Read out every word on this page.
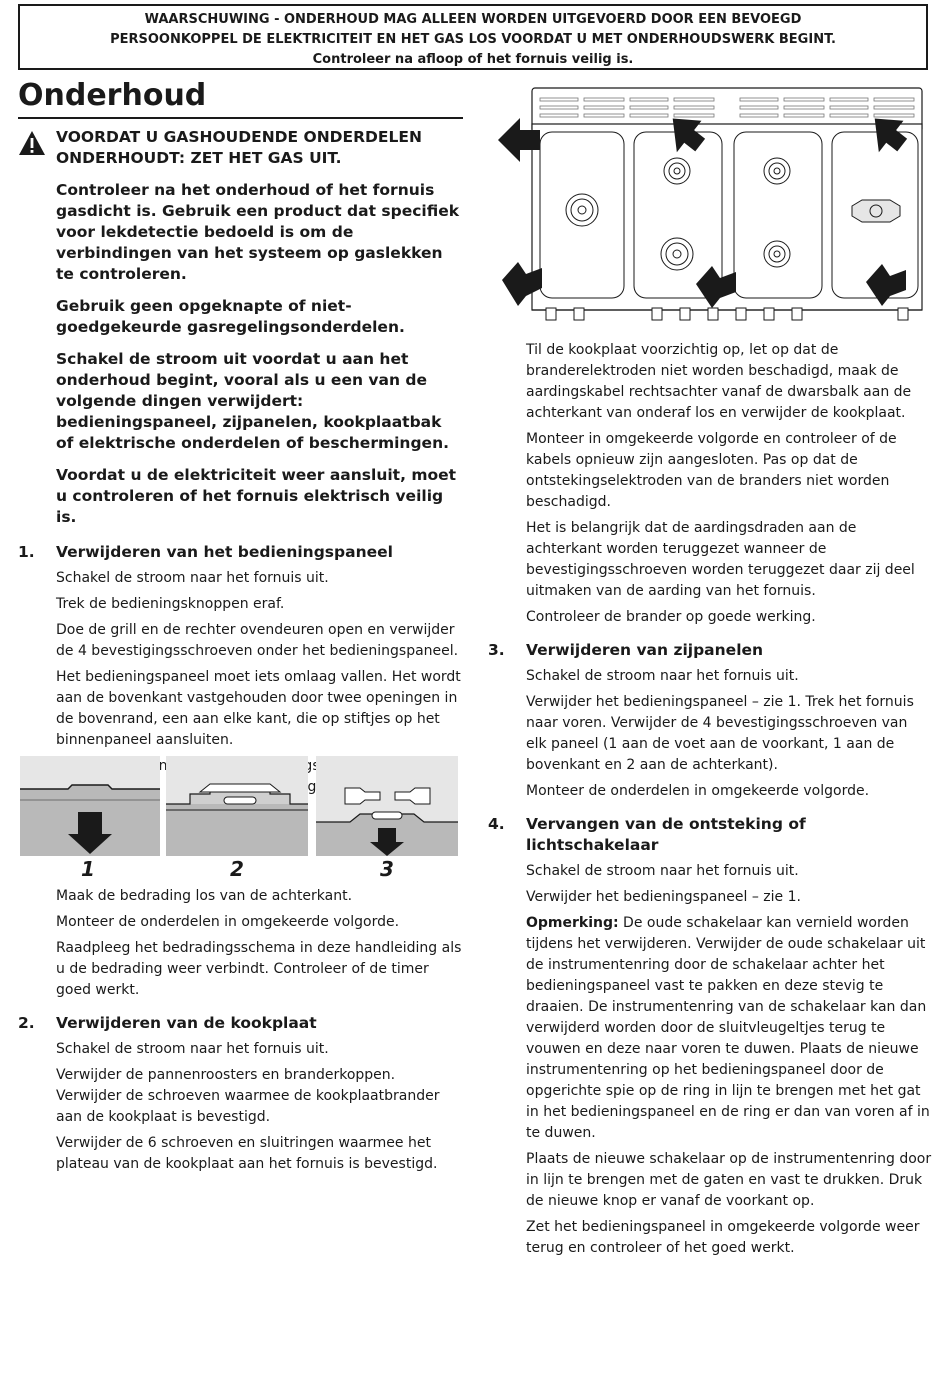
WAARSCHUWING - ONDERHOUD MAG ALLEEN WORDEN UITGEVOERD DOOR EEN BEVOEGD
PERSOONKOPPEL DE ELEKTRICITEIT EN HET GAS LOS VOORDAT U MET ONDERHOUDSWERK BEGINT.
Controleer na afloop of het fornuis veilig is.
Onderhoud
VOORDAT U GASHOUDENDE ONDERDELEN ONDERHOUDT: ZET HET GAS UIT.
Controleer na het onderhoud of het fornuis gasdicht is. Gebruik een product dat specifiek voor lekdetectie bedoeld is om de verbindingen van het systeem op gaslekken te controleren.
Gebruik geen opgeknapte of niet-goedgekeurde gasregelingsonderdelen.
Schakel de stroom uit voordat u aan het onderhoud begint, vooral als u een van de volgende dingen verwijdert: bedieningspaneel, zijpanelen, kookplaatbak of elektrische onderdelen of beschermingen.
Voordat u de elektriciteit weer aansluit, moet u controleren of het fornuis elektrisch veilig is.
1. Verwijderen van het bedieningspaneel
Schakel de stroom naar het fornuis uit.
Trek de bedieningsknoppen eraf.
Doe de grill en de rechter ovendeuren open en verwijder de 4 bevestigingsschroeven onder het bedieningspaneel.
Het bedieningspaneel moet iets omlaag vallen. Het wordt aan de bovenkant vastgehouden door twee openingen in de bovenrand, een aan elke kant, die op stiftjes op het binnenpaneel aansluiten.
bedieningspaneel
1	2	3
Maak de bedrading los van de achterkant.
Monteer de onderdelen in omgekeerde volgorde.
Raadpleeg het bedradingsschema in deze handleiding als u de bedrading weer verbindt. Controleer of de timer goed werkt.
2. Verwijderen van de kookplaat
Schakel de stroom naar het fornuis uit.
Verwijder de pannenroosters en branderkoppen. Verwijder de schroeven waarmee de kookplaatbrander aan de kookplaat is bevestigd.
Verwijder de 6 schroeven en sluitringen waarmee het plateau van de kookplaat aan het fornuis is bevestigd.
Til de kookplaat voorzichtig op, let op dat de branderelektroden niet worden beschadigd, maak de aardingskabel rechtsachter vanaf de dwarsbalk aan de achterkant van onderaf los en verwijder de kookplaat.
Monteer in omgekeerde volgorde en controleer of de kabels opnieuw zijn aangesloten. Pas op dat de ontstekingselektroden van de branders niet worden beschadigd.
Het is belangrijk dat de aardingsdraden aan de achterkant worden teruggezet wanneer de bevestigingsschroeven worden teruggezet daar zij deel uitmaken van de aarding van het fornuis.
Controleer de brander op goede werking.
3. Verwijderen van zijpanelen
Schakel de stroom naar het fornuis uit.
Verwijder het bedieningspaneel – zie 1. Trek het fornuis naar voren. Verwijder de 4 bevestigingsschroeven van elk paneel (1 aan de voet aan de voorkant, 1 aan de bovenkant en 2 aan de achterkant).
Monteer de onderdelen in omgekeerde volgorde.
4. Vervangen van de ontsteking of lichtschakelaar
Schakel de stroom naar het fornuis uit.
Verwijder het bedieningspaneel – zie 1.
Opmerking: De oude schakelaar kan vernield worden tijdens het verwijderen. Verwijder de oude schakelaar uit de instrumentenring door de schakelaar achter het bedieningspaneel vast te pakken en deze stevig te draaien. De instrumentenring van de schakelaar kan dan verwijderd worden door de sluitvleugeltjes terug te vouwen en deze naar voren te duwen. Plaats de nieuwe instrumentenring op het bedieningspaneel door de opgerichte spie op de ring in lijn te brengen met het gat in het bedieningspaneel en de ring er dan van voren af in te duwen.
Plaats de nieuwe schakelaar op de instrumentenring door in lijn te brengen met de gaten en vast te drukken. Druk de nieuwe knop er vanaf de voorkant op.
Zet het bedieningspaneel in omgekeerde volgorde weer terug en controleer of het goed werkt.
